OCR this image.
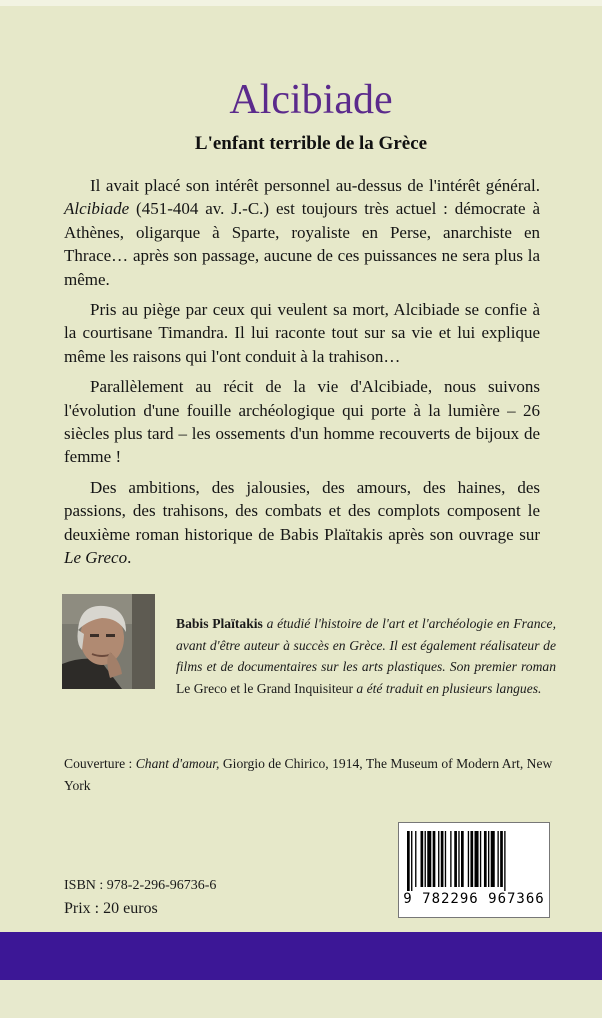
Alcibiade
L'enfant terrible de la Grèce

Il avait placé son intérêt personnel au-dessus de l'intérêt général. Alcibiade (451-404 av. J.-C.) est toujours très actuel : démocrate à Athènes, oligarque à Sparte, royaliste en Perse, anarchiste en Thrace… après son passage, aucune de ces puissances ne sera plus la même.

Pris au piège par ceux qui veulent sa mort, Alcibiade se confie à la courtisane Timandra. Il lui raconte tout sur sa vie et lui explique même les raisons qui l'ont conduit à la trahison…

Parallèlement au récit de la vie d'Alcibiade, nous suivons l'évolution d'une fouille archéologique qui porte à la lumière – 26 siècles plus tard – les ossements d'un homme recouverts de bijoux de femme !

Des ambitions, des jalousies, des amours, des haines, des passions, des trahisons, des combats et des complots composent le deuxième roman historique de Babis Plaïtakis après son ouvrage sur Le Greco.

Babis Plaïtakis a étudié l'histoire de l'art et l'archéologie en France, avant d'être auteur à succès en Grèce. Il est également réalisateur de films et de documentaires sur les arts plastiques. Son premier roman Le Greco et le Grand Inquisiteur a été traduit en plusieurs langues.
Couverture : Chant d'amour, Giorgio de Chirico, 1914, The Museum of Modern Art, New York
9 782296 967366
ISBN : 978-2-296-96736-6
Prix : 20 euros
